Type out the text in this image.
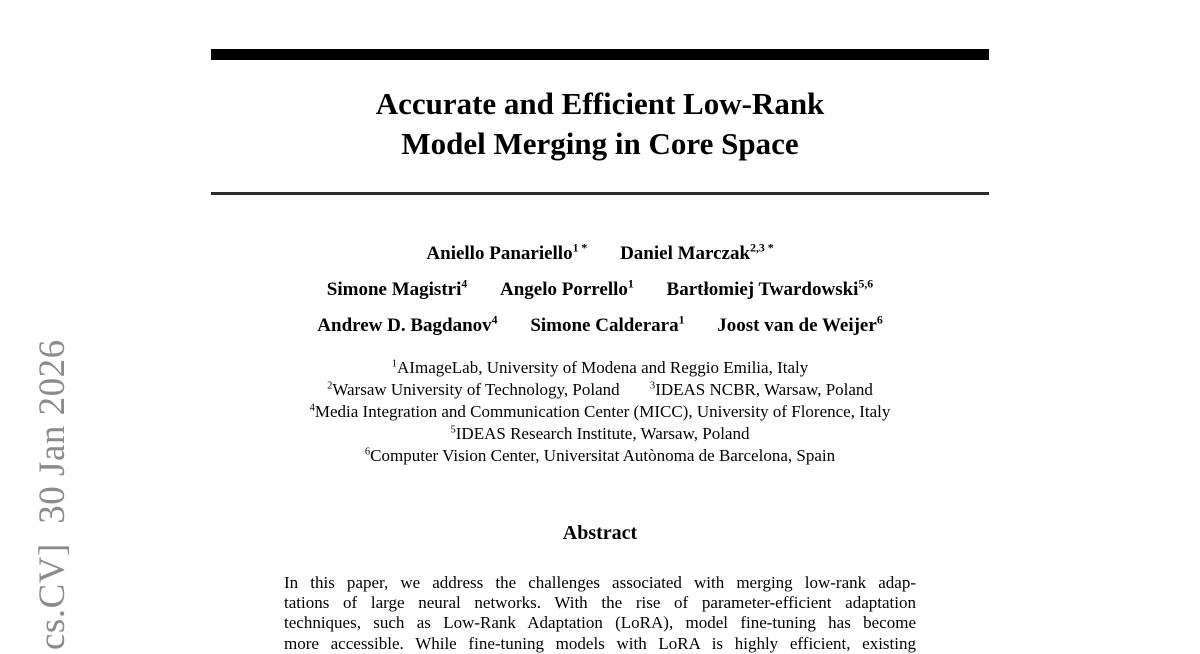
cs.CV]  30 Jan 2026
Accurate and Efficient Low-Rank
Model Merging in Core Space
Aniello Panariello$^{1 *}$ Daniel Marczak$^{2,3 *}$
Simone Magistri$^4$ Angelo Porrello$^1$ Bartłomiej Twardowski$^{5,6}$
Andrew D. Bagdanov$^4$ Simone Calderara$^1$ Joost van de Weijer$^6$
$^1$AImageLab, University of Modena and Reggio Emilia, Italy
$^2$Warsaw University of Technology, Poland	$^3$IDEAS NCBR, Warsaw, Poland
$^4$Media Integration and Communication Center (MICC), University of Florence, Italy
$^5$IDEAS Research Institute, Warsaw, Poland
$^6$Computer Vision Center, Universitat Autònoma de Barcelona, Spain
Abstract
In this paper, we address the challenges associated with merging low-rank adap-
tations of large neural networks. With the rise of parameter-efficient adaptation
techniques, such as Low-Rank Adaptation (LoRA), model fine-tuning has become
more accessible. While fine-tuning models with LoRA is highly efficient, existing
